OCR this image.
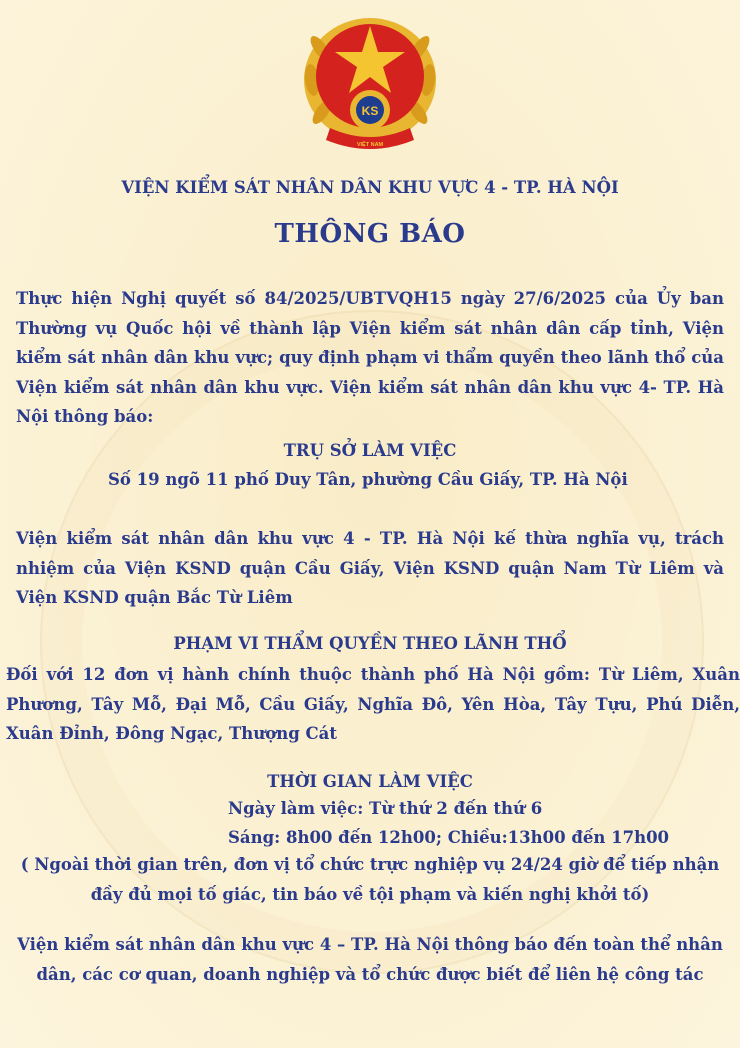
KS
VIỆT NAM
VIỆN KIỂM SÁT NHÂN DÂN KHU VỰC 4 - TP. HÀ NỘI
THÔNG BÁO

Thực hiện Nghị quyết số 84/2025/UBTVQH15 ngày 27/6/2025 của Ủy ban Thường vụ Quốc hội về thành lập Viện kiểm sát nhân dân cấp tỉnh, Viện kiểm sát nhân dân khu vực; quy định phạm vi thẩm quyền theo lãnh thổ của Viện kiểm sát nhân dân khu vực. Viện kiểm sát nhân dân khu vực 4- TP. Hà Nội thông báo:

TRỤ SỞ LÀM VIỆC
Số 19 ngõ 11 phố Duy Tân, phường Cầu Giấy, TP. Hà Nội

Viện kiểm sát nhân dân khu vực 4 - TP. Hà Nội kế thừa nghĩa vụ, trách nhiệm của Viện KSND quận Cầu Giấy, Viện KSND quận Nam Từ Liêm và Viện KSND quận Bắc Từ Liêm

PHẠM VI THẨM QUYỀN THEO LÃNH THỔ

Đối với 12 đơn vị hành chính thuộc thành phố Hà Nội gồm: Từ Liêm, Xuân Phương, Tây Mỗ, Đại Mỗ, Cầu Giấy, Nghĩa Đô, Yên Hòa, Tây Tựu, Phú Diễn, Xuân Đỉnh, Đông Ngạc, Thượng Cát

THỜI GIAN LÀM VIỆC
Ngày làm việc: Từ thứ 2 đến thứ 6
Sáng: 8h00 đến 12h00; Chiều:13h00 đến 17h00

( Ngoài thời gian trên, đơn vị tổ chức trực nghiệp vụ 24/24 giờ để tiếp nhận đầy đủ mọi tố giác, tin báo về tội phạm và kiến nghị khởi tố)

Viện kiểm sát nhân dân khu vực 4 – TP. Hà Nội thông báo đến toàn thể nhân dân, các cơ quan, doanh nghiệp và tổ chức được biết để liên hệ công tác
